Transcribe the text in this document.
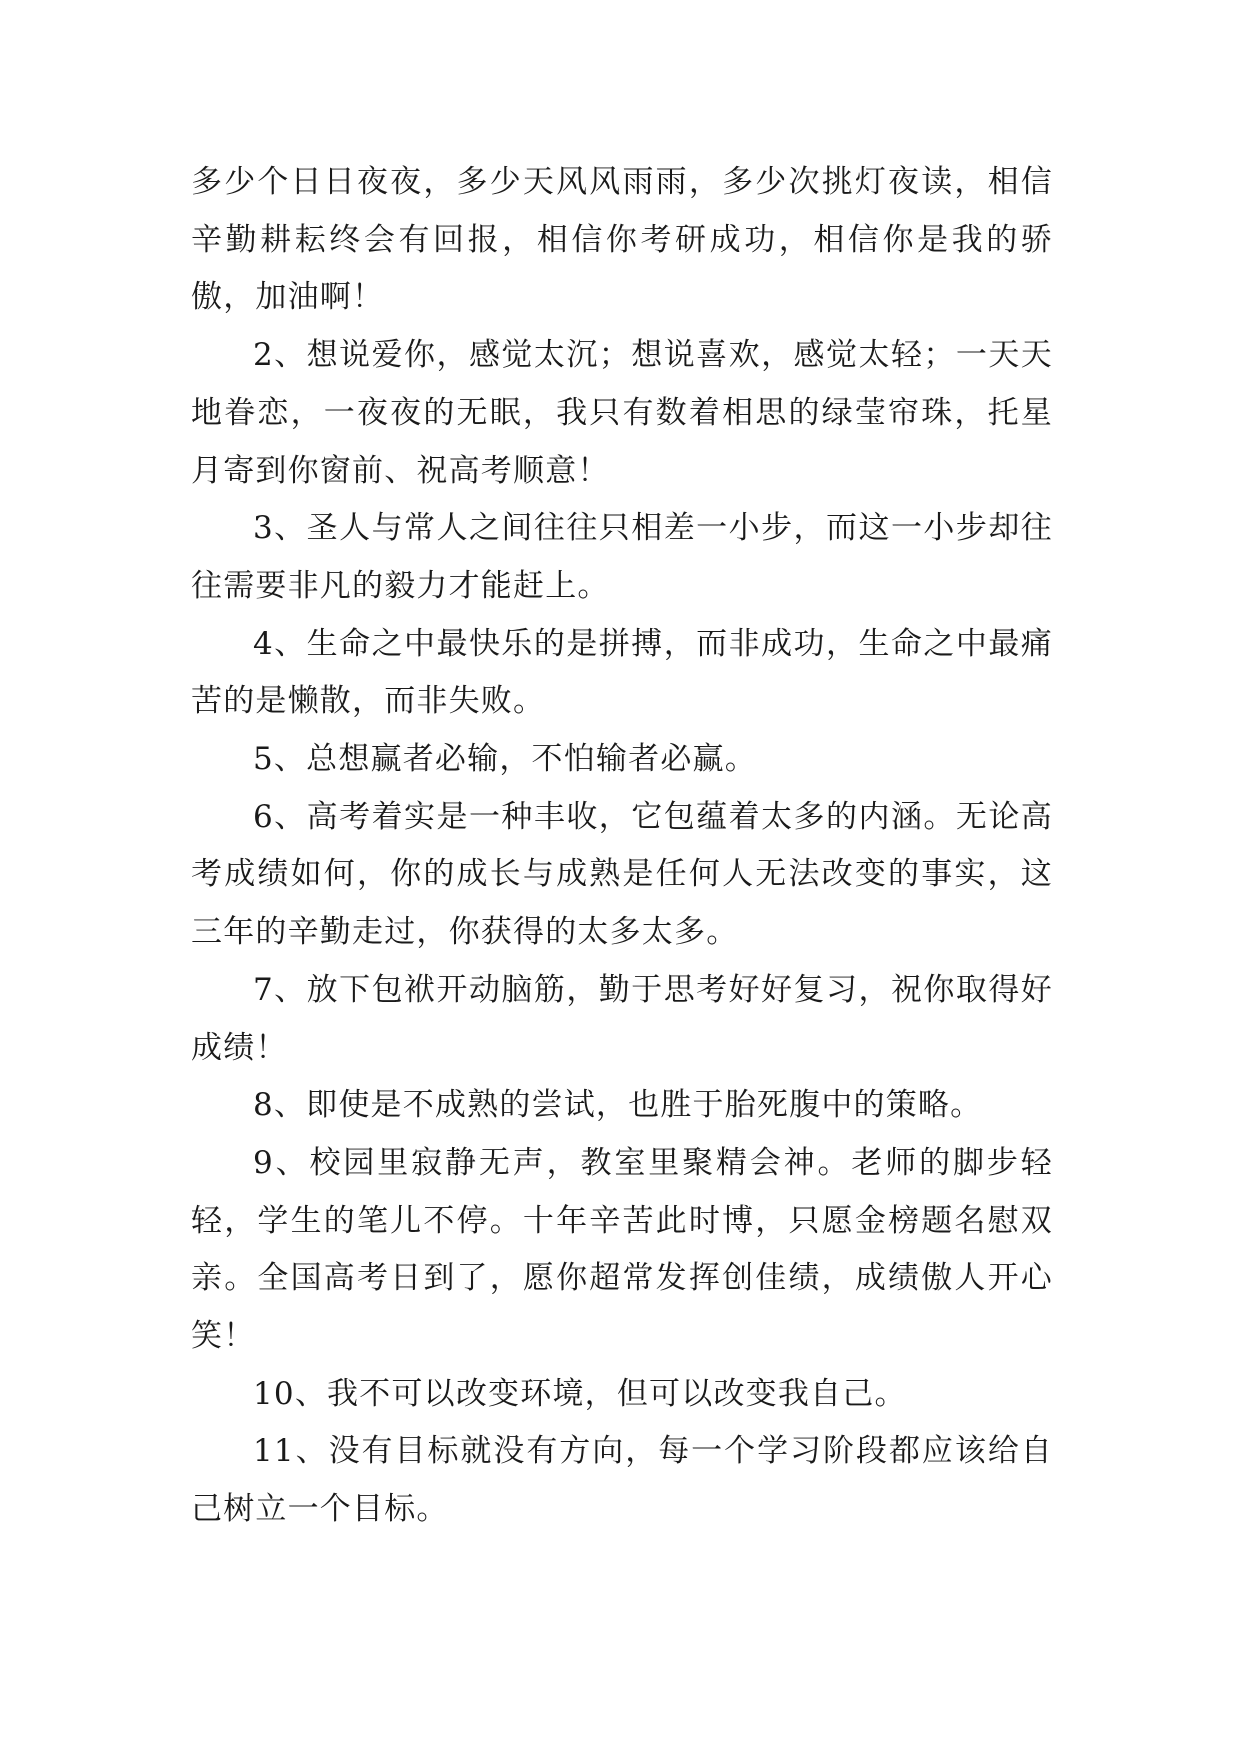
多少个日日夜夜，多少天风风雨雨，多少次挑灯夜读，相信辛勤耕耘终会有回报，相信你考研成功，相信你是我的骄傲，加油啊！

2、想说爱你，感觉太沉；想说喜欢，感觉太轻；一天天地眷恋，一夜夜的无眠，我只有数着相思的绿莹帘珠，托星月寄到你窗前、祝高考顺意！

3、圣人与常人之间往往只相差一小步，而这一小步却往往需要非凡的毅力才能赶上。

4、生命之中最快乐的是拼搏，而非成功，生命之中最痛苦的是懒散，而非失败。

5、总想赢者必输，不怕输者必赢。

6、高考着实是一种丰收，它包蕴着太多的内涵。无论高考成绩如何，你的成长与成熟是任何人无法改变的事实，这三年的辛勤走过，你获得的太多太多。

7、放下包袱开动脑筋，勤于思考好好复习，祝你取得好成绩！

8、即使是不成熟的尝试，也胜于胎死腹中的策略。

9、校园里寂静无声，教室里聚精会神。老师的脚步轻轻，学生的笔儿不停。十年辛苦此时博，只愿金榜题名慰双亲。全国高考日到了，愿你超常发挥创佳绩，成绩傲人开心笑！

10、我不可以改变环境，但可以改变我自己。

11、没有目标就没有方向，每一个学习阶段都应该给自己树立一个目标。
